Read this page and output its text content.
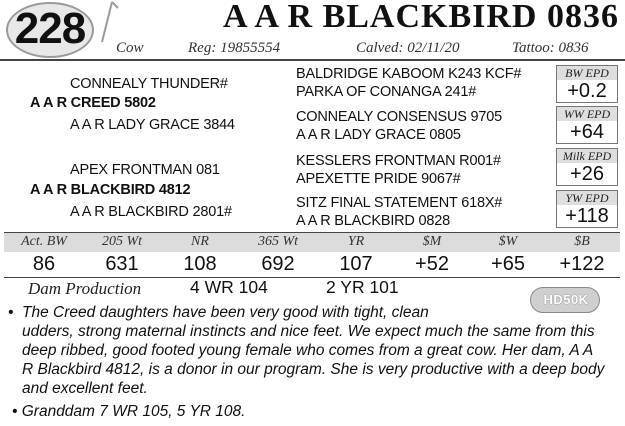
228	A A R BLACKBIRD 0836
Cow	Reg: 19855554	Calved: 02/11/20	Tattoo: 0836
CONNEALY THUNDER#
A A R CREED 5802
A A R LADY GRACE 3844
APEX FRONTMAN 081
A A R BLACKBIRD 4812
A A R BLACKBIRD 2801#
BALDRIDGE KABOOM K243 KCF#
PARKA OF CONANGA 241#
CONNEALY CONSENSUS 9705
A A R LADY GRACE 0805
KESSLERS FRONTMAN R001#
APEXETTE PRIDE 9067#
SITZ FINAL STATEMENT 618X#
A A R BLACKBIRD 0828
BW EPD
+0.2
WW EPD
+64
Milk EPD
+26
YW EPD
+118
Act. BW	205 Wt	NR	365 Wt	YR	$M	$W	$B
86	631	108	692	107	+52	+65	+122
Dam Production	4 WR 104	2 YR 101
HD50K
• The Creed daughters have been very good with tight, clean
udders, strong maternal instincts and nice feet. We expect much the same from this deep ribbed, good footed young female who comes from a great cow. Her dam, A A R Blackbird 4812, is a donor in our program. She is very productive with a deep body and excellent feet.
• Granddam 7 WR 105, 5 YR 108.
